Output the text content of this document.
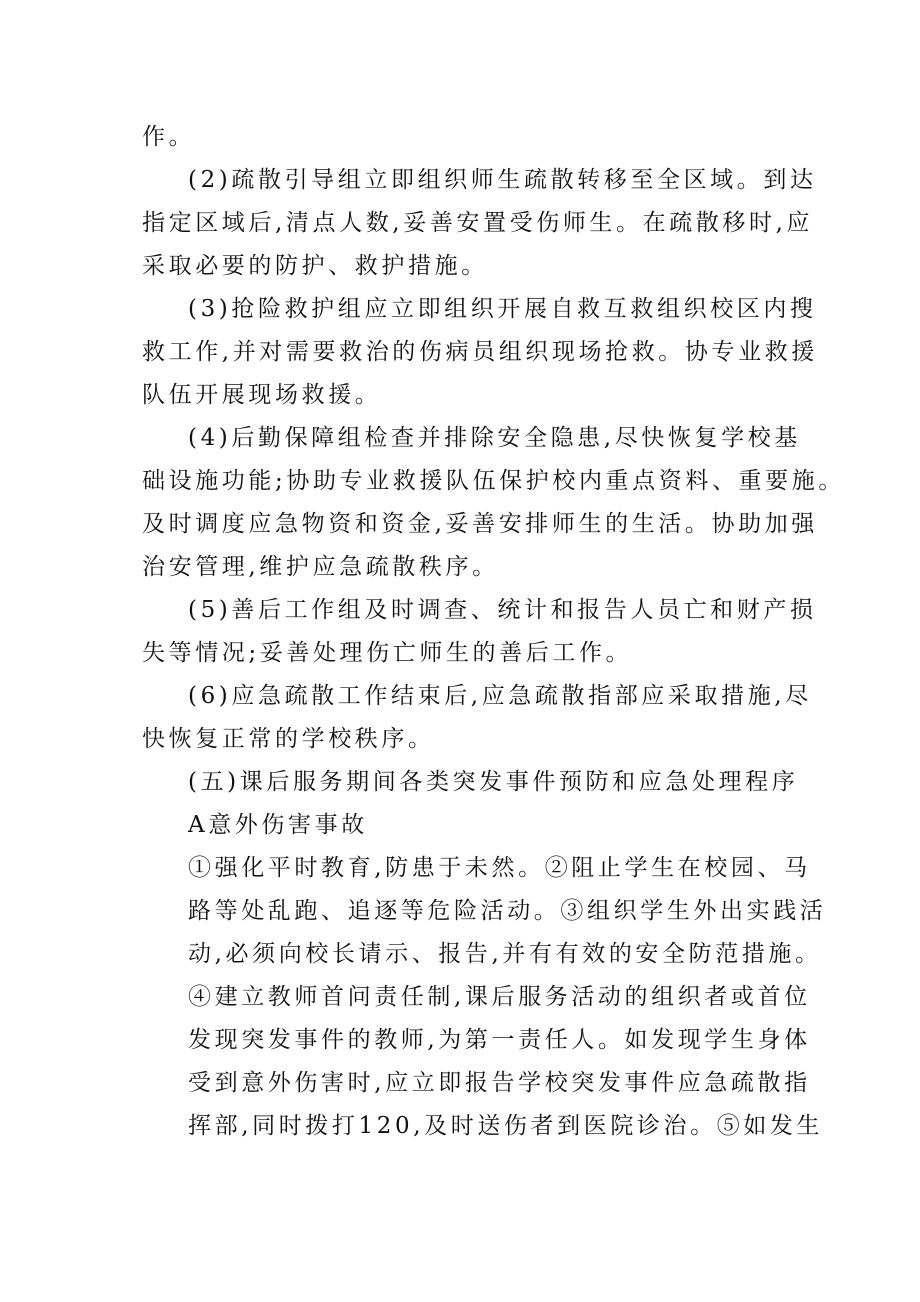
作。
(2)疏散引导组立即组织师生疏散转移至全区域。到达
指定区域后,清点人数,妥善安置受伤师生。在疏散移时,应
采取必要的防护、救护措施。
(3)抢险救护组应立即组织开展自救互救组织校区内搜
救工作,并对需要救治的伤病员组织现场抢救。协专业救援
队伍开展现场救援。
(4)后勤保障组检查并排除安全隐患,尽快恢复学校基
础设施功能;协助专业救援队伍保护校内重点资料、重要施。
及时调度应急物资和资金,妥善安排师生的生活。协助加强
治安管理,维护应急疏散秩序。
(5)善后工作组及时调查、统计和报告人员亡和财产损
失等情况;妥善处理伤亡师生的善后工作。
(6)应急疏散工作结束后,应急疏散指部应采取措施,尽
快恢复正常的学校秩序。
(五)课后服务期间各类突发事件预防和应急处理程序
A意外伤害事故
①强化平时教育,防患于未然。②阻止学生在校园、马
路等处乱跑、追逐等危险活动。③组织学生外出实践活
动,必须向校长请示、报告,并有有效的安全防范措施。
④建立教师首问责任制,课后服务活动的组织者或首位
发现突发事件的教师,为第一责任人。如发现学生身体
受到意外伤害时,应立即报告学校突发事件应急疏散指
挥部,同时拨打120,及时送伤者到医院诊治。⑤如发生
